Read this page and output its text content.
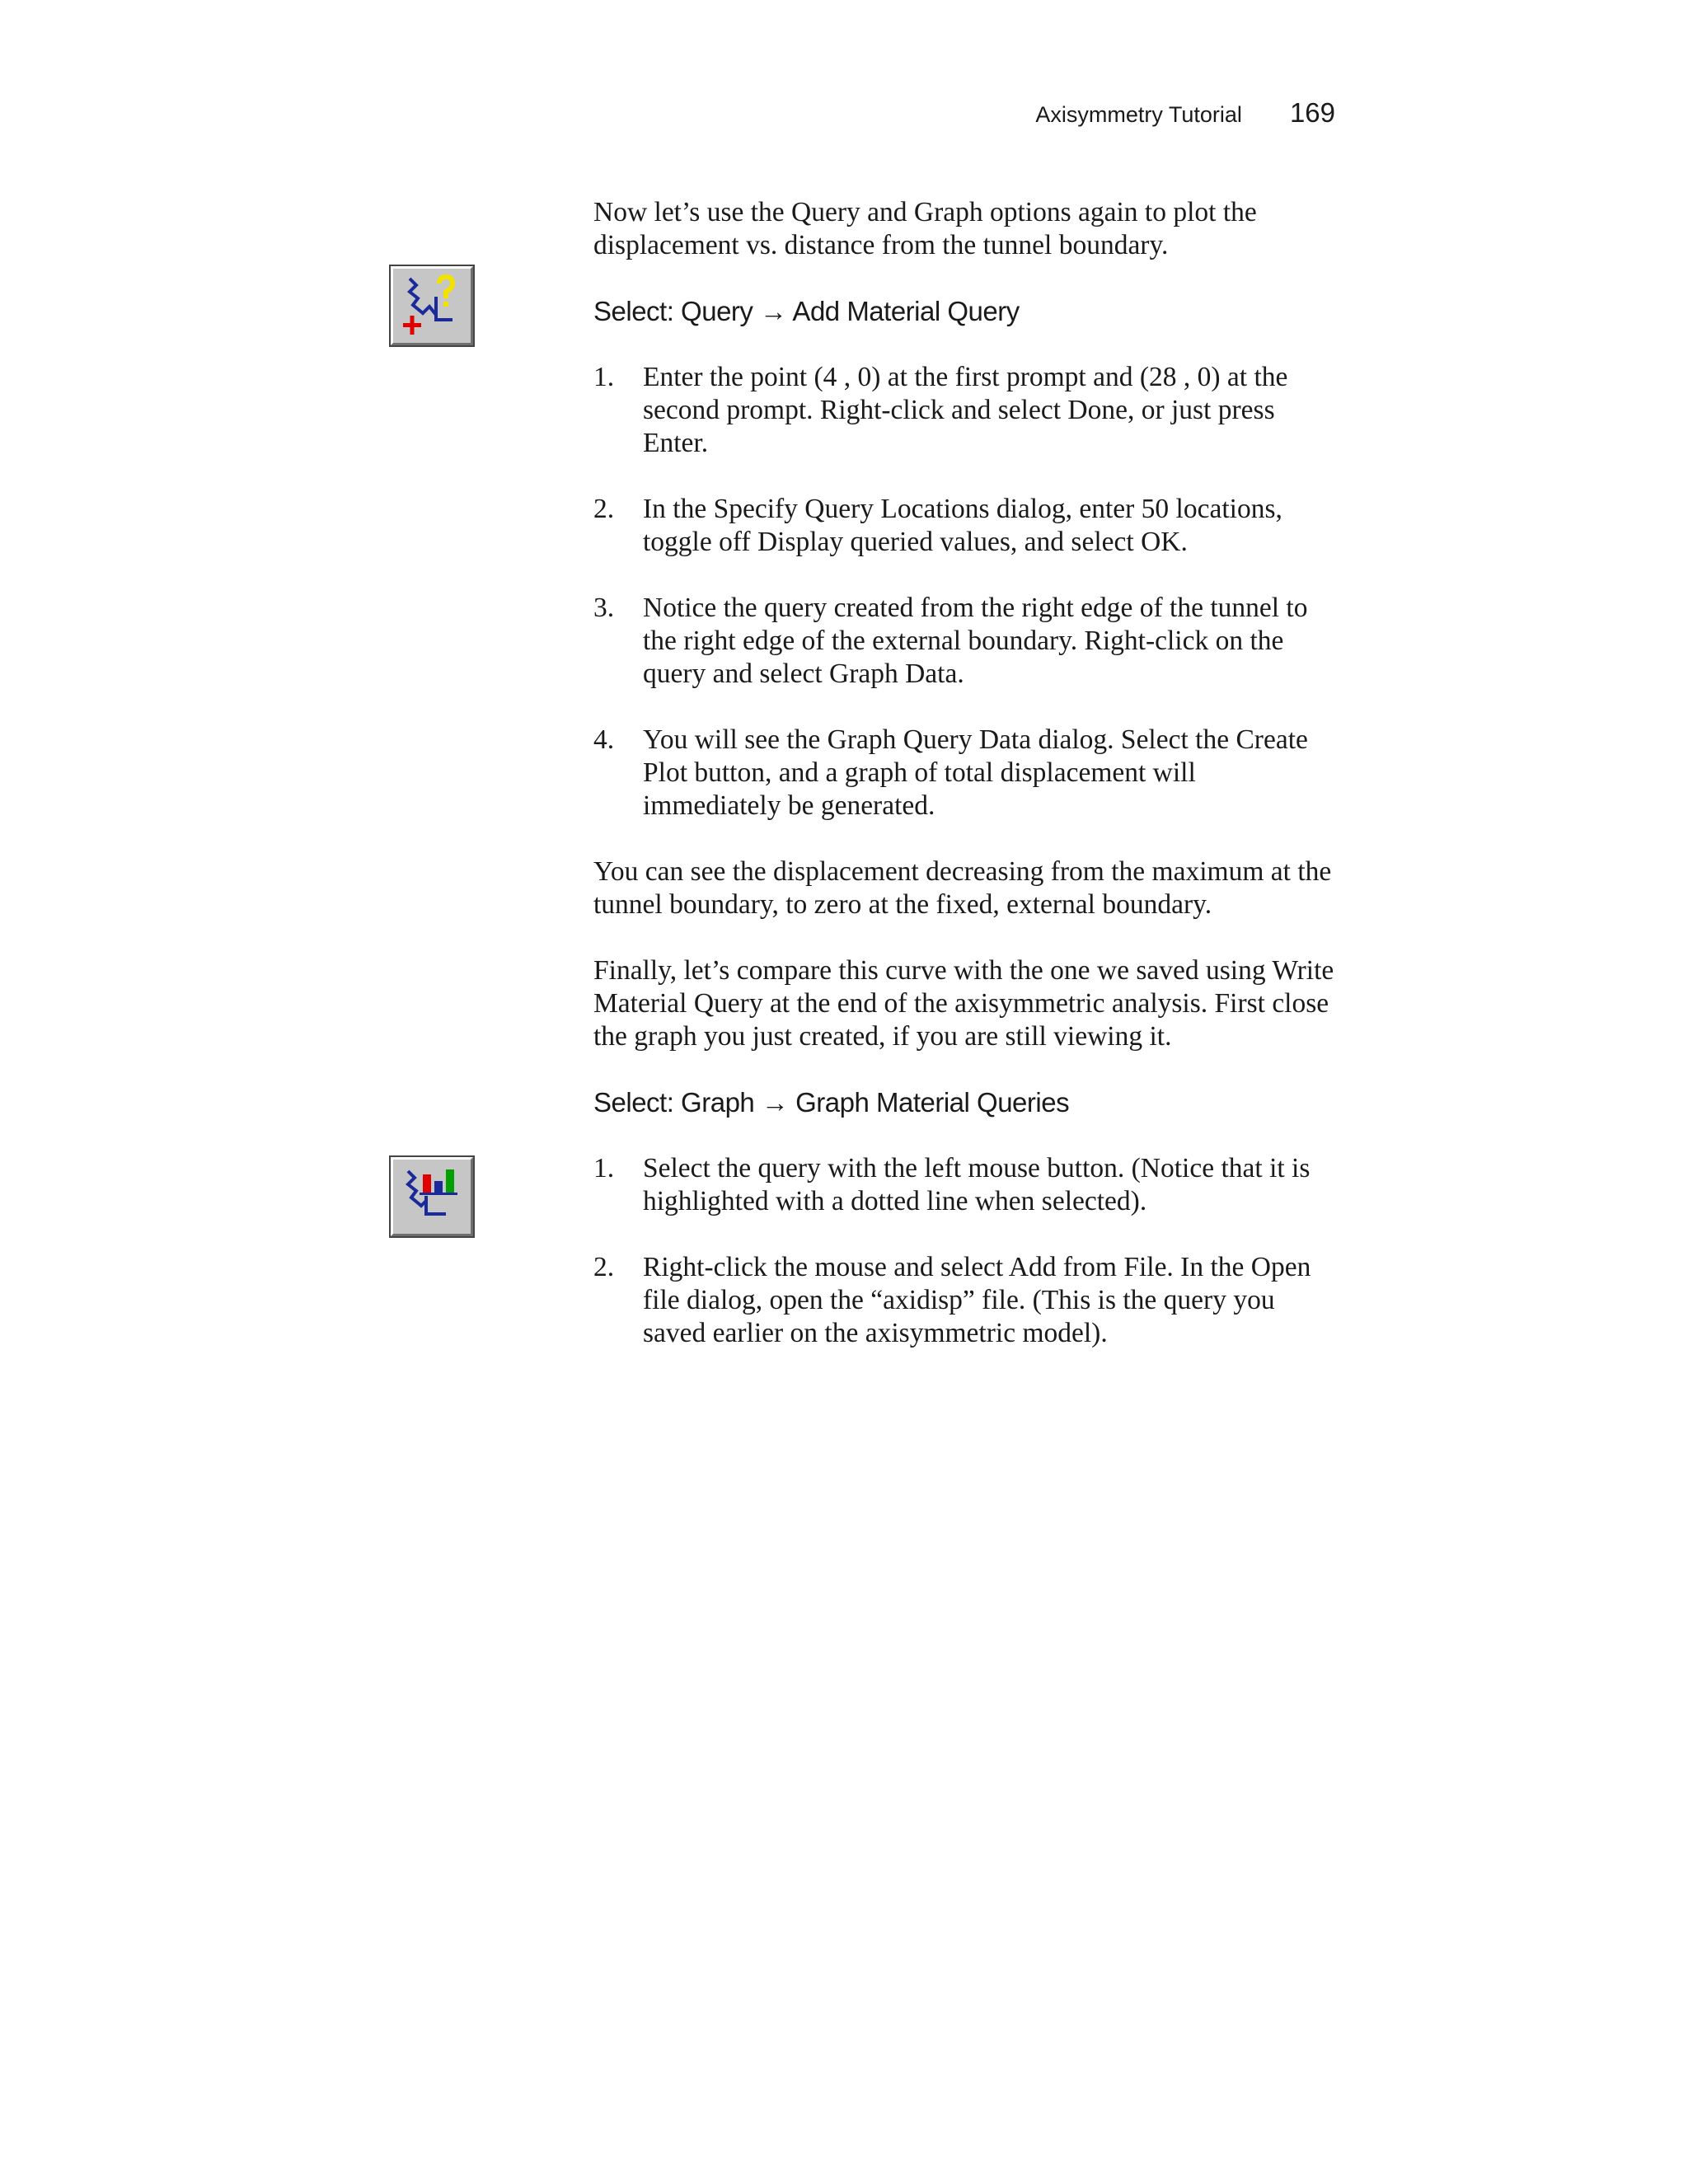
Axisymmetry Tutorial 169

Now let’s use the Query and Graph options again to plot the displacement vs. distance from the tunnel boundary.

Select: Query → Add Material Query
1. Enter the point (4 , 0) at the first prompt and (28 , 0) at the second prompt. Right-click and select Done, or just press Enter.
2. In the Specify Query Locations dialog, enter 50 locations, toggle off Display queried values, and select OK.
3. Notice the query created from the right edge of the tunnel to the right edge of the external boundary. Right-click on the query and select Graph Data.
4. You will see the Graph Query Data dialog. Select the Create Plot button, and a graph of total displacement will immediately be generated.

You can see the displacement decreasing from the maximum at the tunnel boundary, to zero at the fixed, external boundary.

Finally, let’s compare this curve with the one we saved using Write Material Query at the end of the axisymmetric analysis. First close the graph you just created, if you are still viewing it.

Select: Graph → Graph Material Queries
1. Select the query with the left mouse button. (Notice that it is highlighted with a dotted line when selected).
2. Right-click the mouse and select Add from File. In the Open file dialog, open the “axidisp” file. (This is the query you saved earlier on the axisymmetric model).
